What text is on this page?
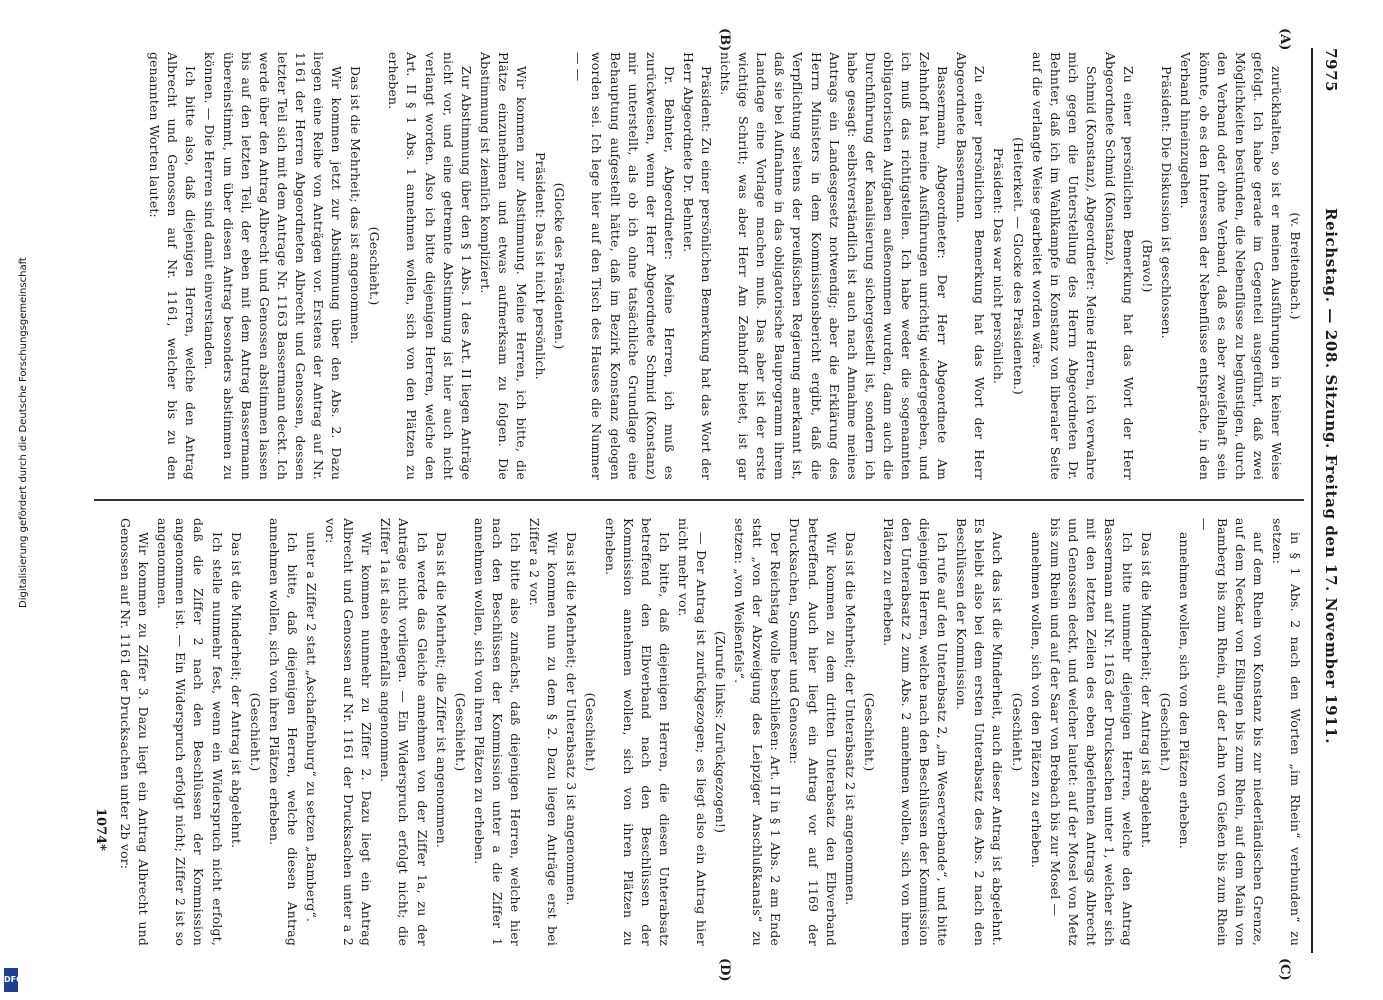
7975
Reichstag. — 208. Sitzung. Freitag den 17. November 1911.
(A)
(B)
(C)
(D)

(v. Breitenbach.)

zurückhalten, so ist er meinen Ausführungen in keiner Weise gefolgt. Ich habe gerade im Gegenteil ausgeführt, daß zwei Möglichkeiten bestünden, die Nebenflüsse zu begünstigen, durch den Verband oder ohne Verband, daß es aber zweifelhaft sein könnte, ob es den Interessen der Nebenflüsse entspräche, in den Verband hineinzugehen.

Präsident: Die Diskussion ist geschlossen.

(Bravo!)

Zu einer persönlichen Bemerkung hat das Wort der Herr Abgeordnete Schmid (Konstanz).

Schmid (Konstanz), Abgeordneter: Meine Herren, ich verwahre mich gegen die Unterstellung des Herrn Abgeordneten Dr. Behnter, daß ich im Wahlkampfe in Konstanz von liberaler Seite auf die verlangte Weise gearbeitet worden wäre.

(Heiterkeit. — Glocke des Präsidenten.)

Präsident: Das war nicht persönlich.

Zu einer persönlichen Bemerkung hat das Wort der Herr Abgeordnete Bassermann.

Bassermann, Abgeordneter: Der Herr Abgeordnete Am Zehnhoff hat meine Ausführungen unrichtig wiedergegeben, und ich muß das richtigstellen. Ich habe weder die sogenannten obligatorischen Aufgaben außenommen wurden, dann auch die Durchführung der Kanalisierung sichergestellt ist, sondern ich habe gesagt: selbstverständlich ist auch nach Annahme meines Antrags ein Landesgesetz notwendig; aber die Erklärung des Herrn Ministers in dem Kommissionsbericht ergibt, daß die Verpflichtung seitens der preußischen Regierung anerkannt ist, daß sie bei Aufnahme in das obligatorische Bauprogramm ihrem Landtage eine Vorlage machen muß. Das aber ist der erste wichtige Schritt; was aber Herr Am Zehnhoff bietet, ist gar nichts.

Präsident: Zu einer persönlichen Bemerkung hat das Wort der Herr Abgeordnete Dr. Behnter.

Dr. Behnter, Abgeordneter: Meine Herren, ich muß es zurückweisen, wenn der Herr Abgeordnete Schmid (Konstanz) mir unterstellt, als ob ich ohne tatsächliche Grundlage eine Behauptung aufgestellt hätte, daß im Bezirk Konstanz gelogen worden sei. Ich lege hier auf den Tisch des Hauses die Nummer — —

(Glocke des Präsidenten.)

Präsident: Das ist nicht persönlich.

Wir kommen zur Abstimmung. Meine Herren, ich bitte, die Plätze einzunehmen und etwas aufmerksam zu folgen. Die Abstimmung ist ziemlich kompliziert.

Zur Abstimmung über den § 1 Abs. 1 des Art. II liegen Anträge nicht vor, und eine getrennte Abstimmung ist hier auch nicht verlangt worden. Also ich bitte diejenigen Herren, welche den Art. II § 1 Abs. 1 annehmen wollen, sich von den Plätzen zu erheben.

(Geschieht.)

Das ist die Mehrheit; das ist angenommen.

Wir kommen jetzt zur Abstimmung über den Abs. 2. Dazu liegen eine Reihe von Anträgen vor. Erstens der Antrag auf Nr. 1161 der Herren Abgeordneten Albrecht und Genossen, dessen letzter Teil sich mit dem Antrage Nr. 1163 Bassermann deckt. Ich werde über den Antrag Albrecht und Genossen abstimmen lassen bis auf den letzten Teil, der eben mit dem Antrag Bassermann übereinstimmt, um über diesen Antrag besonders abstimmen zu können. — Die Herren sind damit einverstanden.

Ich bitte also, daß diejenigen Herren, welche den Antrag Albrecht und Genossen auf Nr. 1161, welcher bis zu den genannten Worten lautet:

in § 1 Abs. 2 nach den Worten „im Rhein“ verbunden“ zu setzen:

auf dem Rhein von Konstanz bis zur niederländischen Grenze, auf dem Neckar von Eßlingen bis zum Rhein, auf dem Main von Bamberg bis zum Rhein, auf der Lahn von Gießen bis zum Rhein —

annehmen wollen, sich von den Plätzen erheben.

(Geschieht.)

Das ist die Minderheit; der Antrag ist abgelehnt.

Ich bitte nunmehr diejenigen Herren, welche den Antrag Bassermann auf Nr. 1163 der Drucksachen unter 1, welcher sich mit den letzten Zeilen des eben abgelehnten Antrags Albrecht und Genossen deckt, und welcher lautet: auf der Mosel von Metz bis zum Rhein und auf der Saar von Brebach bis zur Mosel —

annehmen wollen, sich von den Plätzen zu erheben.

(Geschieht.)

Auch das ist die Minderheit, auch dieser Antrag ist abgelehnt. Es bleibt also bei dem ersten Unterabsatz des Abs. 2 nach den Beschlüssen der Kommission.

Ich rufe auf den Unterabsatz 2, „im Weserverbande“, und bitte diejenigen Herren, welche nach den Beschlüssen der Kommission den Unterabsatz 2 zum Abs. 2 annehmen wollen, sich von ihren Plätzen zu erheben.

(Geschieht.)

Das ist die Mehrheit; der Unterabsatz 2 ist angenommen.

Wir kommen zu dem dritten Unterabsatz den Elbverband betreffend. Auch hier liegt ein Antrag vor auf 1169 der Drucksachen, Sommer und Genossen:

Der Reichstag wolle beschließen: Art. II in § 1 Abs. 2 am Ende statt „von der Abzweigung des Leipziger Anschlußkanals“ zu setzen: „von Weißenfels“.

(Zurufe links: Zurückgezogen!)

— Der Antrag ist zurückgezogen; es liegt also ein Antrag hier nicht mehr vor.

Ich bitte, daß diejenigen Herren, die diesen Unterabsatz betreffend den Elbverband nach den Beschlüssen der Kommission annehmen wollen, sich von ihren Plätzen zu erheben.

(Geschieht.)

Das ist die Mehrheit; der Unterabsatz 3 ist angenommen.

Wir kommen nun zu dem § 2. Dazu liegen Anträge erst bei Ziffer a 2 vor.

Ich bitte also zunächst, daß diejenigen Herren, welche hier nach den Beschlüssen der Kommission unter a die Ziffer 1 annehmen wollen, sich von ihren Plätzen zu erheben.

(Geschieht.)

Das ist die Mehrheit; die Ziffer ist angenommen.

Ich werde das Gleiche annehmen von der Ziffer 1a, zu der Anträge nicht vorliegen. — Ein Widerspruch erfolgt nicht; die Ziffer 1a ist also ebenfalls angenommen.

Wir kommen nunmehr zu Ziffer 2. Dazu liegt ein Antrag Albrecht und Genossen auf Nr. 1161 der Drucksachen unter a 2 vor:

unter a Ziffer 2 statt „Aschaffenburg“ zu setzen „Bamberg“.

Ich bitte, daß diejenigen Herren, welche diesen Antrag annehmen wollen, sich von ihren Plätzen erheben.

(Geschieht.)

Das ist die Minderheit; der Antrag ist abgelehnt.

Ich stelle nunmehr fest, wenn ein Widerspruch nicht erfolgt, daß die Ziffer 2 nach den Beschlüssen der Kommission angenommen ist. — Ein Widerspruch erfolgt nicht; Ziffer 2 ist so angenommen.

Wir kommen zu Ziffer 3. Dazu liegt ein Antrag Albrecht und Genossen auf Nr. 1161 der Drucksachen unter 2b vor:

1074*
Digitalisierung gefördert durch die Deutsche Forschungsgemeinschaft
DFG
